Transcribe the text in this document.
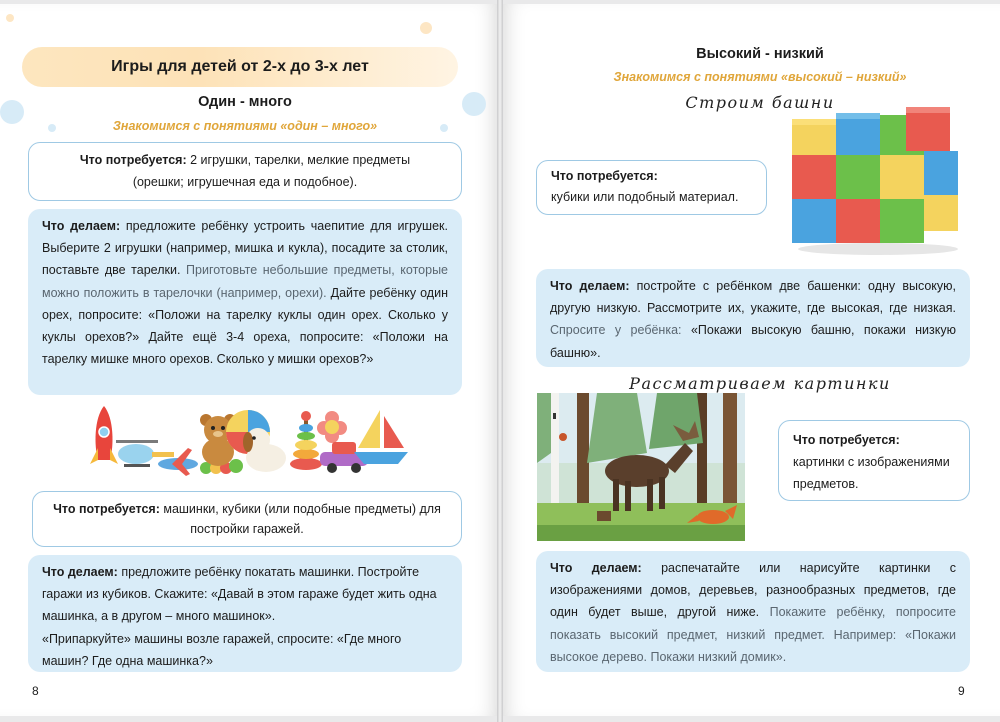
Игры для детей от 2-х до 3-х лет
Один - много
Знакомимся с понятиями «один – много»
Что потребуется: 2 игрушки, тарелки, мелкие предметы
(орешки; игрушечная еда и подобное).
Что делаем: предложите ребёнку устроить чаепитие для игрушек. Выберите 2 игрушки (например, мишка и кукла), посадите за столик, поставьте две тарелки. Приготовьте небольшие предметы, которые можно положить в тарелочки (например, орехи). Дайте ребёнку один орех, попросите: «Положи на тарелку куклы один орех. Сколько у куклы орехов?» Дайте ещё 3-4 ореха, попросите: «Положи на тарелку мишке много орехов. Сколько у мишки орехов?»
Что потребуется: машинки, кубики (или подобные предметы) для постройки гаражей.
Что делаем: предложите ребёнку покатать машинки. Постройте гаражи из кубиков. Скажите: «Давай в этом гараже будет жить одна машинка, а в другом – много машинок».
«Припаркуйте» машины возле гаражей, спросите: «Где много машин? Где одна машинка?»
8
Высокий - низкий
Знакомимся с понятиями «высокий – низкий»
Строим башни
Что потребуется:
кубики или подобный материал.
Что делаем: постройте с ребёнком две башенки: одну высокую, другую низкую. Рассмотрите их, укажите, где высокая, где низкая. Спросите у ребёнка: «Покажи высокую башню, покажи низкую башню».
Рассматриваем картинки
Что потребуется:
картинки с изображениями предметов.
Что делаем: распечатайте или нарисуйте картинки с изображениями домов, деревьев, разнообразных предметов, где один будет выше, другой ниже. Покажите ребёнку, попросите показать высокий предмет, низкий предмет. Например: «Покажи высокое дерево. Покажи низкий домик».
9
